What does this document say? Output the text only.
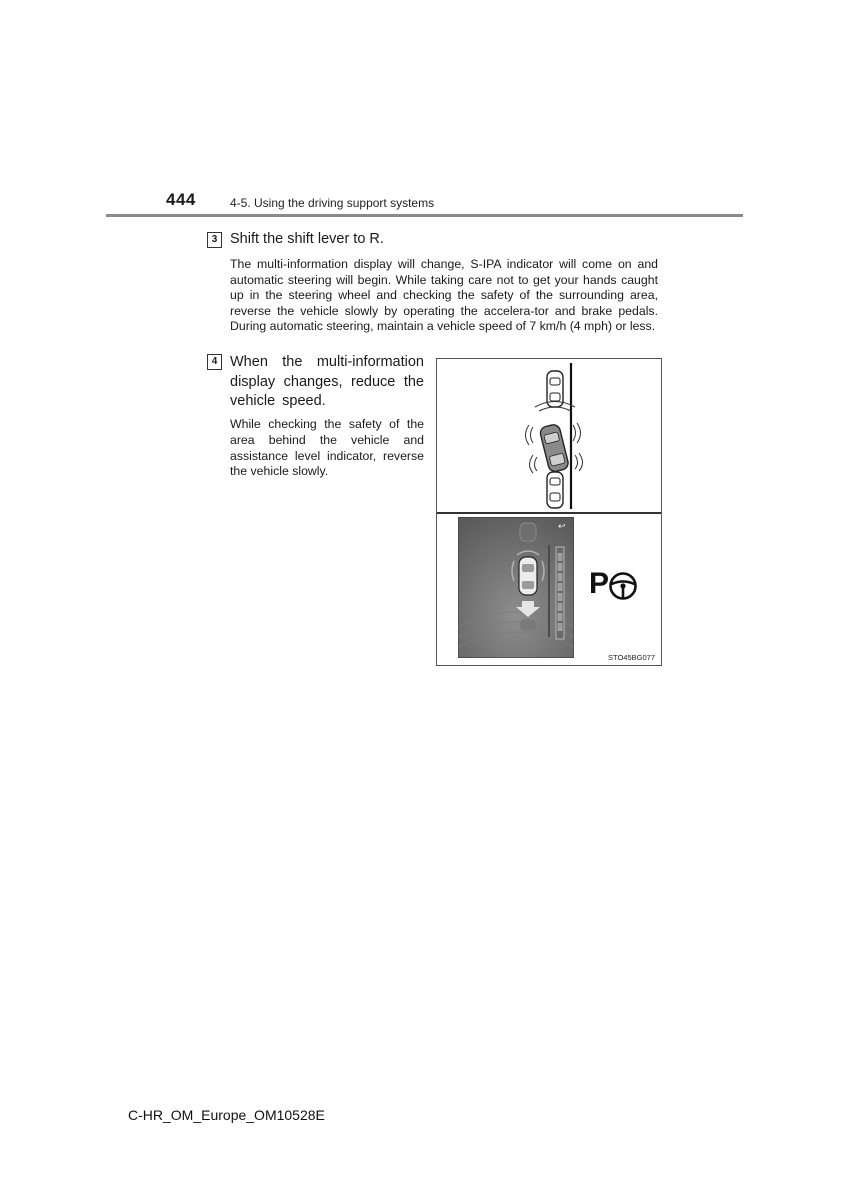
444	4-5. Using the driving support systems
3 Shift the shift lever to R.

The multi-information display will change, S-IPA indicator will come on and automatic steering will begin. While taking care not to get your hands caught up in the steering wheel and checking the safety of the surrounding area, reverse the vehicle slowly by operating the accelera-tor and brake pedals. During automatic steering, maintain a vehicle speed of 7 km/h (4 mph) or less.

4 When the multi-information display changes, reduce the vehicle speed.
While checking the safety of the area behind the vehicle and assistance level indicator, reverse the vehicle slowly.
↩
P
STO45BG077
C-HR_OM_Europe_OM10528E
